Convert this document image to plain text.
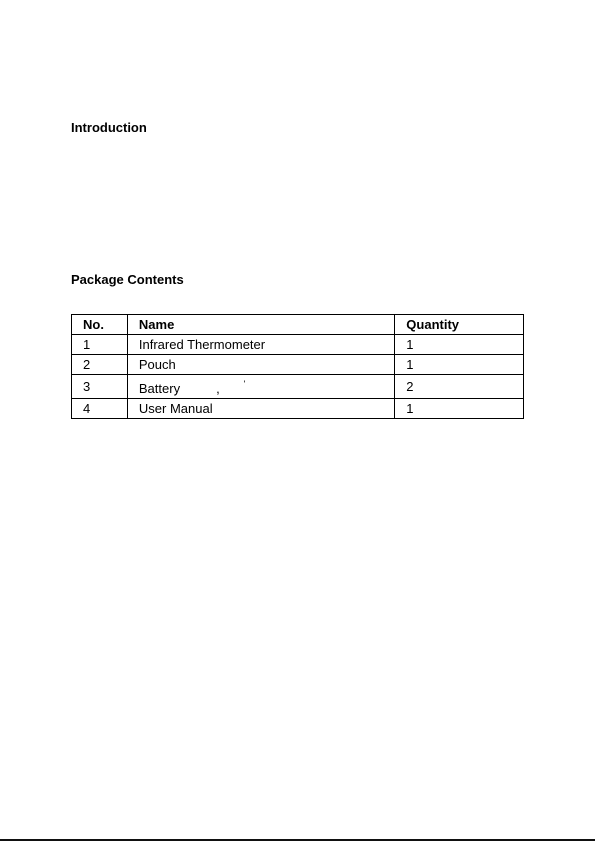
Introduction
Package Contents
No.	Name	Quantity
1	Infrared Thermometer	1
2	Pouch	1
3	Battery , '	2
4	User Manual	1
